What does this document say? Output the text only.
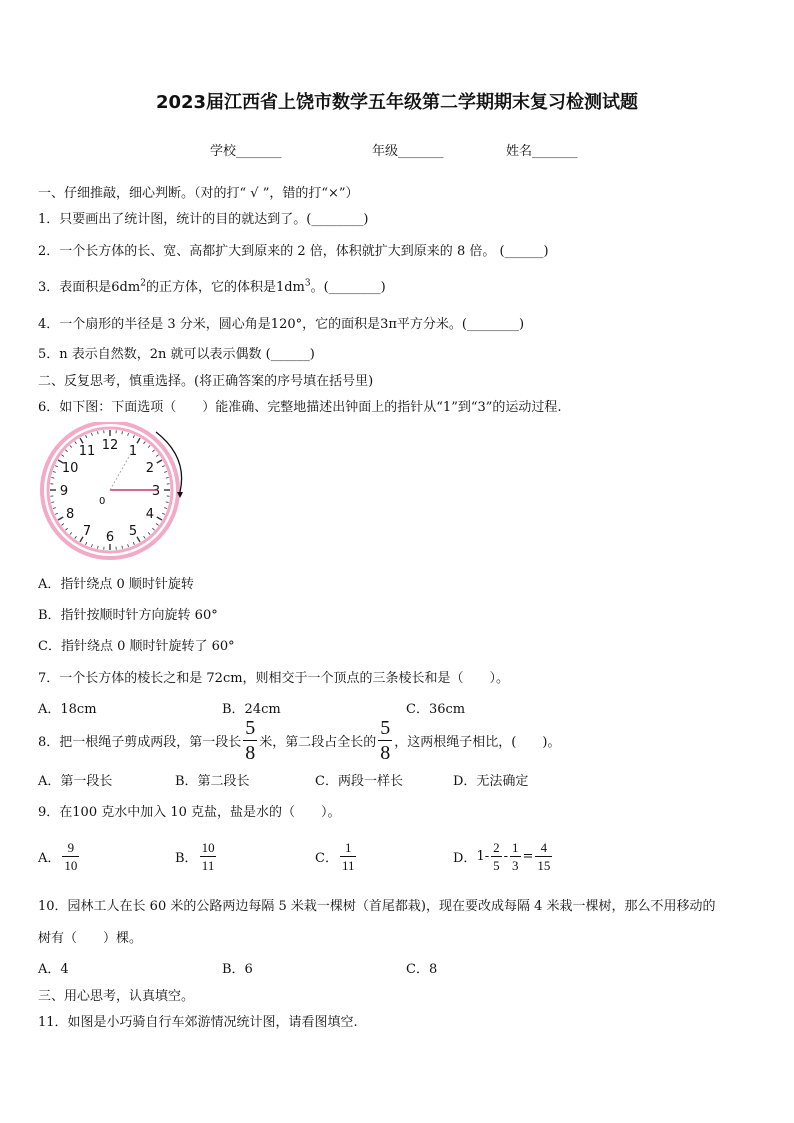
2023届江西省上饶市数学五年级第二学期期末复习检测试题
学校_______	年级_______	姓名_______
一、仔细推敲，细心判断。（对的打“ √ ”，错的打“×”）
1．只要画出了统计图，统计的目的就达到了。(________)
2．一个长方体的长、宽、高都扩大到原来的 2 倍，体积就扩大到原来的 8 倍。 (______)
3．表面积是$6dm^2$的正方体，它的体积是$1dm^3$。(________)
4．一个扇形的半径是 3 分米，圆心角是120°，它的面积是3π平方分米。(________)
5．n 表示自然数，2n 就可以表示偶数 (______)
二、反复思考，慎重选择。(将正确答案的序号填在括号里)
6．如下图：下面选项（　　）能准确、完整地描述出钟面上的指针从“1”到“3”的运动过程.
12 1
2
3
4
5
6
7
8
9
10
11
0
A．指针绕点 0 顺时针旋转
B．指针按顺时针方向旋转 60°
C．指针绕点 0 顺时针旋转了 60°
7．一个长方体的棱长之和是 72cm，则相交于一个顶点的三条棱长和是（　　）。
A．18cm	B．24cm	C．36cm
8．把一根绳子剪成两段，第一段长 $\frac{5}{8}$ 米，第二段占全长的 $\frac{5}{8}$ ，这两根绳子相比，(　　)。
A．第一段长	B．第二段长	C．两段一样长	D．无法确定
9．在100 克水中加入 10 克盐，盐是水的（　　）。
A． $\frac{9}{10}$	B． $\frac{10}{11}$	C． $\frac{1}{11}$	D． $1- \frac{2}{5} - \frac{1}{3} = \frac{4}{15}$
10．园林工人在长 60 米的公路两边每隔 5 米栽一棵树（首尾都栽)，现在要改成每隔 4 米栽一棵树，那么不用移动的
树有（　　）棵。
A．4	B．6	C．8
三、用心思考，认真填空。
11．如图是小巧骑自行车郊游情况统计图，请看图填空.
